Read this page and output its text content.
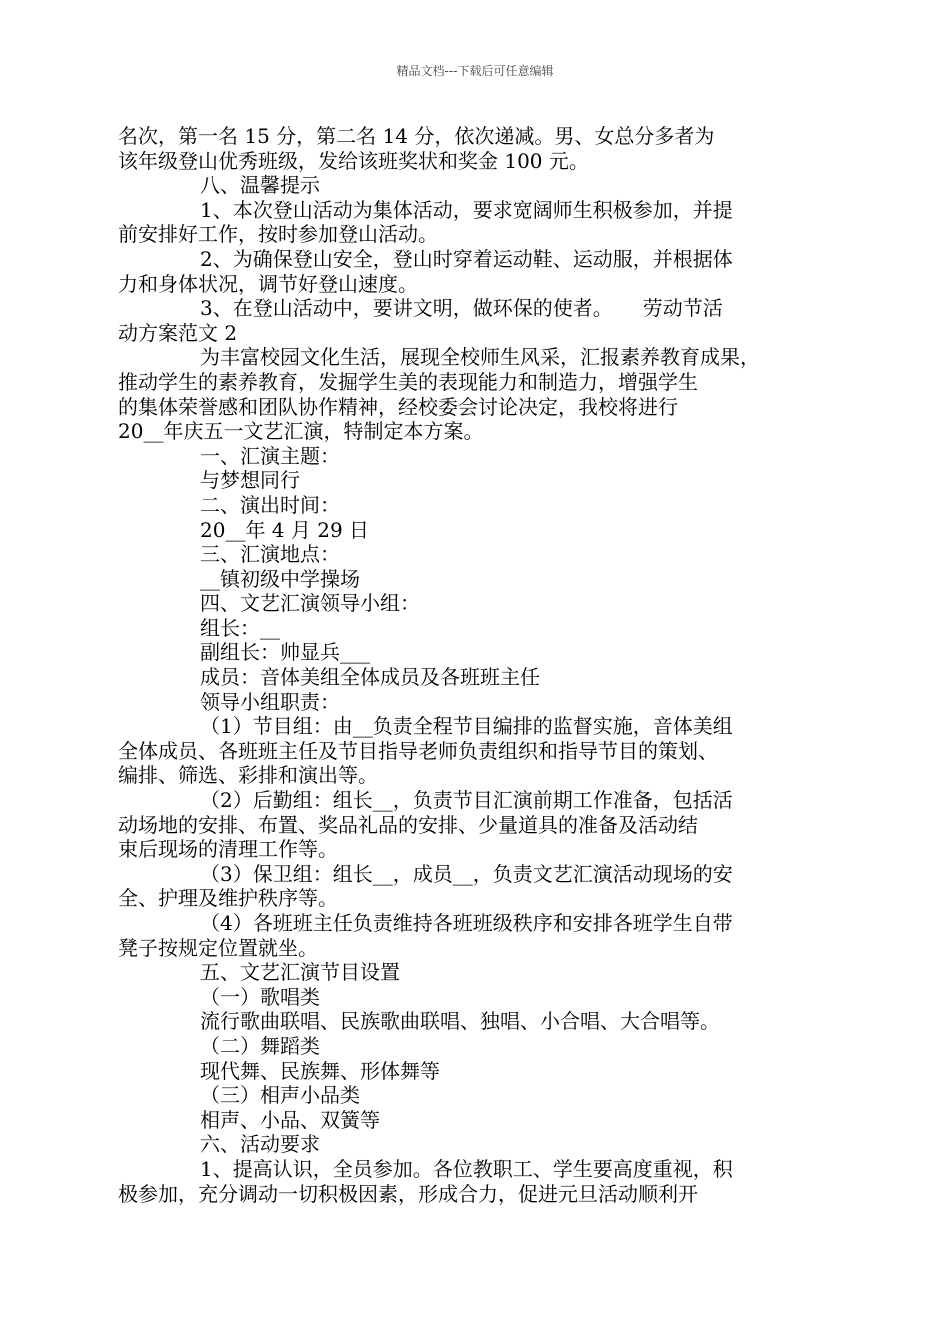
精品文档---下载后可任意编辑
名次，第一名 15 分，第二名 14 分，依次递减。男、女总分多者为
该年级登山优秀班级，发给该班奖状和奖金 100 元。
八、温馨提示
1、本次登山活动为集体活动，要求宽阔师生积极参加，并提
前安排好工作，按时参加登山活动。
2、为确保登山安全，登山时穿着运动鞋、运动服，并根据体
力和身体状况，调节好登山速度。
3、在登山活动中，要讲文明，做环保的使者。　　劳动节活
动方案范文 2
为丰富校园文化生活，展现全校师生风采，汇报素养教育成果，
推动学生的素养教育，发掘学生美的表现能力和制造力，增强学生
的集体荣誉感和团队协作精神，经校委会讨论决定，我校将进行
20__年庆五一文艺汇演，特制定本方案。
一、汇演主题：
与梦想同行
二、演出时间：
20__年 4 月 29 日
三、汇演地点：
__镇初级中学操场
四、文艺汇演领导小组：
组长：__
副组长：帅显兵___
成员：音体美组全体成员及各班班主任
领导小组职责：
（1）节目组：由__负责全程节目编排的监督实施，音体美组
全体成员、各班班主任及节目指导老师负责组织和指导节目的策划、
编排、筛选、彩排和演出等。
（2）后勤组：组长__，负责节目汇演前期工作准备，包括活
动场地的安排、布置、奖品礼品的安排、少量道具的准备及活动结
束后现场的清理工作等。
（3）保卫组：组长__，成员__，负责文艺汇演活动现场的安
全、护理及维护秩序等。
（4）各班班主任负责维持各班班级秩序和安排各班学生自带
凳子按规定位置就坐。
五、文艺汇演节目设置
（一）歌唱类
流行歌曲联唱、民族歌曲联唱、独唱、小合唱、大合唱等。
（二）舞蹈类
现代舞、民族舞、形体舞等
（三）相声小品类
相声、小品、双簧等
六、活动要求
1、提高认识，全员参加。各位教职工、学生要高度重视，积
极参加，充分调动一切积极因素，形成合力，促进元旦活动顺利开
